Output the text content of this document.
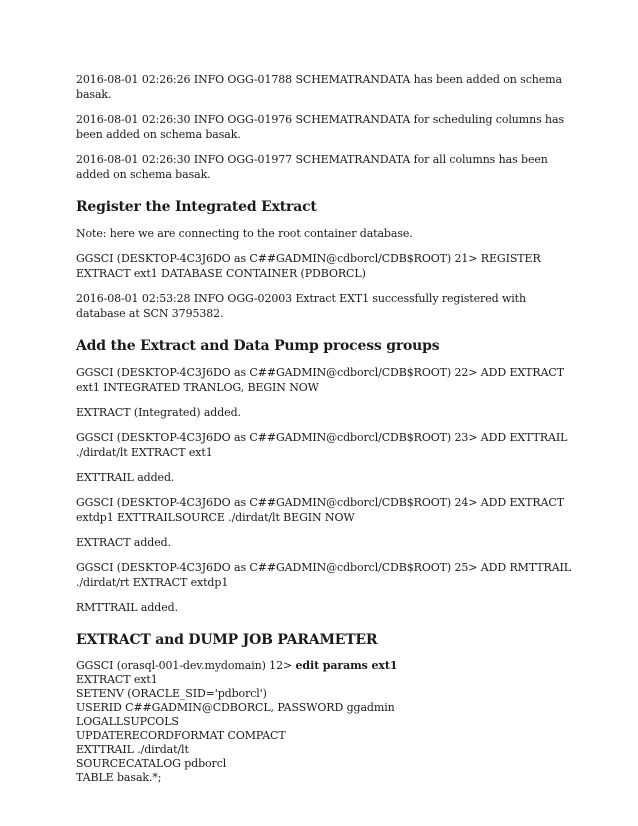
2016-08-01 02:26:26 INFO OGG-01788 SCHEMATRANDATA has been added on schema basak.

2016-08-01 02:26:30 INFO OGG-01976 SCHEMATRANDATA for scheduling columns has been added on schema basak.

2016-08-01 02:26:30 INFO OGG-01977 SCHEMATRANDATA for all columns has been added on schema basak.

Register the Integrated Extract

Note: here we are connecting to the root container database.

GGSCI (DESKTOP-4C3J6DO as C##GADMIN@cdborcl/CDB$ROOT) 21> REGISTER EXTRACT ext1 DATABASE CONTAINER (PDBORCL)

2016-08-01 02:53:28 INFO OGG-02003 Extract EXT1 successfully registered with database at SCN 3795382.

Add the Extract and Data Pump process groups

GGSCI (DESKTOP-4C3J6DO as C##GADMIN@cdborcl/CDB$ROOT) 22> ADD EXTRACT ext1 INTEGRATED TRANLOG, BEGIN NOW

EXTRACT (Integrated) added.

GGSCI (DESKTOP-4C3J6DO as C##GADMIN@cdborcl/CDB$ROOT) 23> ADD EXTTRAIL ./dirdat/lt EXTRACT ext1

EXTTRAIL added.

GGSCI (DESKTOP-4C3J6DO as C##GADMIN@cdborcl/CDB$ROOT) 24> ADD EXTRACT extdp1 EXTTRAILSOURCE ./dirdat/lt BEGIN NOW

EXTRACT added.

GGSCI (DESKTOP-4C3J6DO as C##GADMIN@cdborcl/CDB$ROOT) 25> ADD RMTTRAIL ./dirdat/rt EXTRACT extdp1

RMTTRAIL added.

EXTRACT and DUMP JOB PARAMETER
GGSCI (orasql-001-dev.mydomain) 12> edit params ext1
EXTRACT ext1
SETENV (ORACLE_SID='pdborcl')
USERID C##GADMIN@CDBORCL, PASSWORD ggadmin
LOGALLSUPCOLS
UPDATERECORDFORMAT COMPACT
EXTTRAIL ./dirdat/lt
SOURCECATALOG pdborcl
TABLE basak.*;
